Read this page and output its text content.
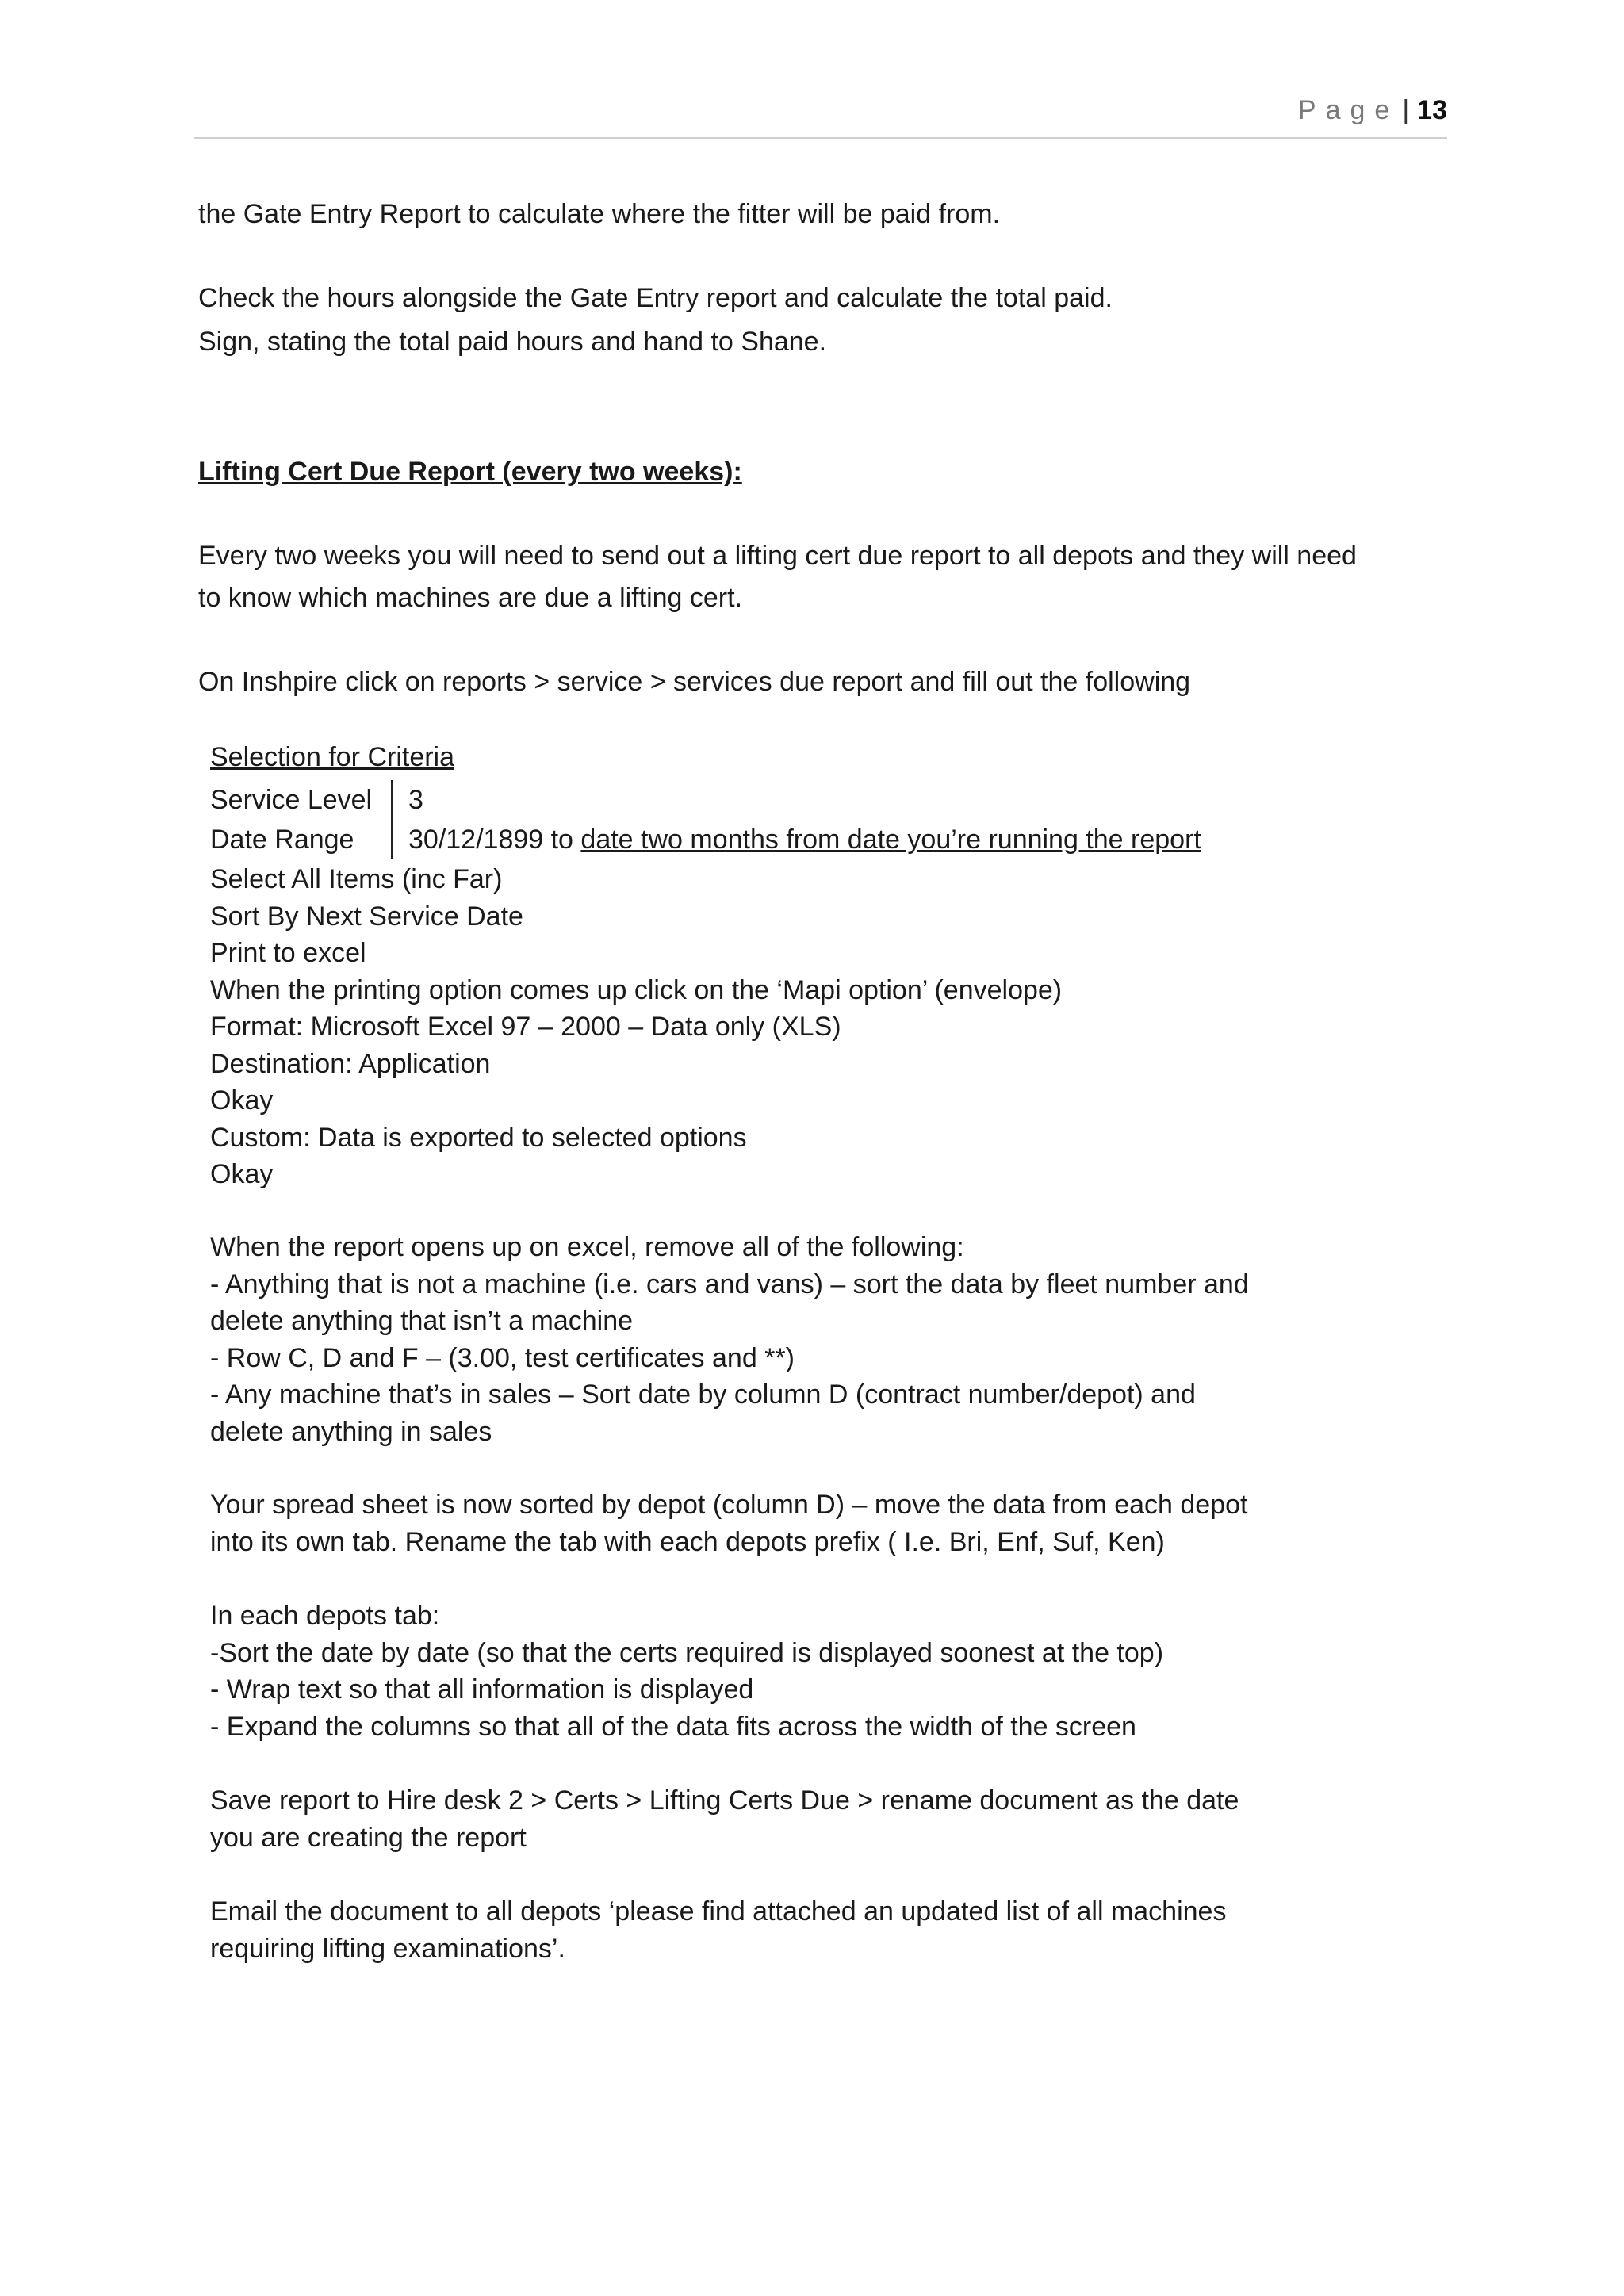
Page | 13
the Gate Entry Report to calculate where the fitter will be paid from.
Check the hours alongside the Gate Entry report and calculate the total paid.
Sign, stating the total paid hours and hand to Shane.
Lifting Cert Due Report (every two weeks):
Every two weeks you will need to send out a lifting cert due report to all depots and they will need
to know which machines are due a lifting cert.
On Inshpire click on reports > service > services due report and fill out the following
Selection for Criteria
Service Level	3
Date Range	30/12/1899 to date two months from date you’re running the report

Select All Items (inc Far)

Sort By Next Service Date

Print to excel

When the printing option comes up click on the ‘Mapi option’ (envelope)

Format: Microsoft Excel 97 – 2000 – Data only (XLS)

Destination: Application

Okay

Custom: Data is exported to selected options

Okay

When the report opens up on excel, remove all of the following:

- Anything that is not a machine (i.e. cars and vans) – sort the data by fleet number and

delete anything that isn’t a machine

- Row C, D and F – (3.00, test certificates and **)

- Any machine that’s in sales – Sort date by column D (contract number/depot) and

delete anything in sales

Your spread sheet is now sorted by depot (column D) – move the data from each depot

into its own tab. Rename the tab with each depots prefix ( I.e. Bri, Enf, Suf, Ken)

In each depots tab:

-Sort the date by date (so that the certs required is displayed soonest at the top)

- Wrap text so that all information is displayed

- Expand the columns so that all of the data fits across the width of the screen

Save report to Hire desk 2 > Certs > Lifting Certs Due > rename document as the date

you are creating the report

Email the document to all depots ‘please find attached an updated list of all machines

requiring lifting examinations’.
